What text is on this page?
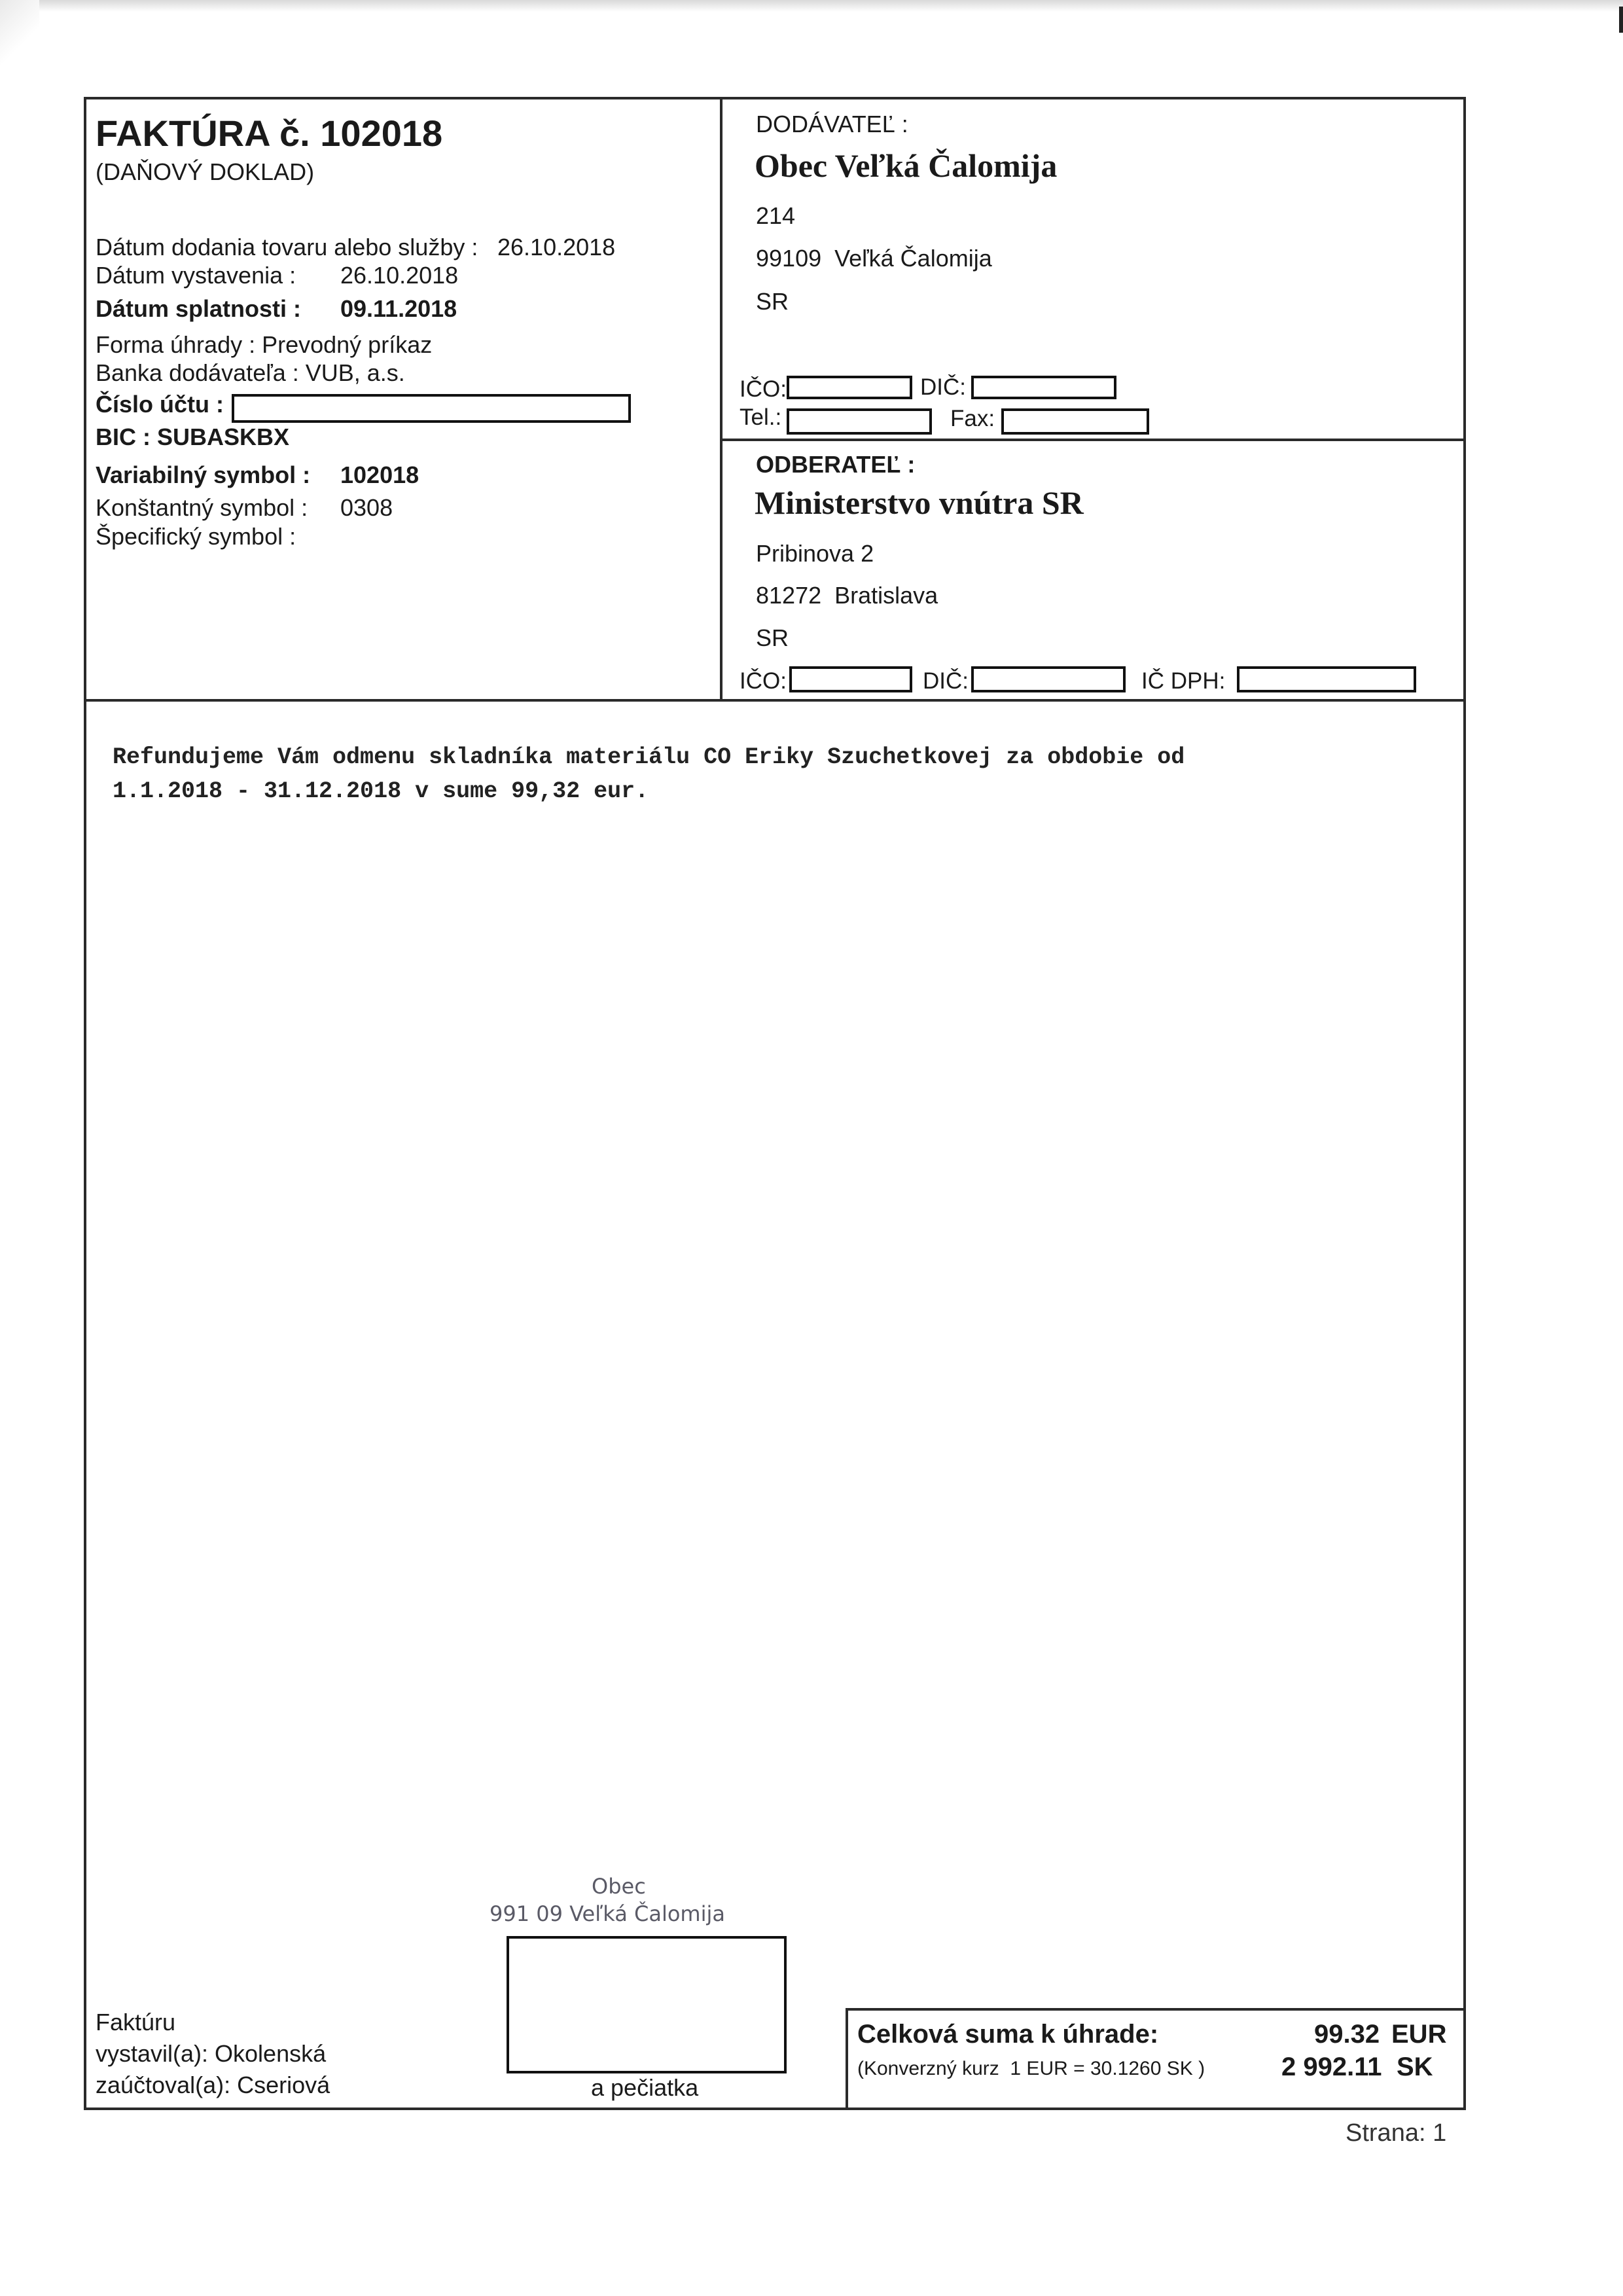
FAKTÚRA č. 102018
(DAŇOVÝ DOKLAD)
Dátum dodania tovaru alebo služby : 26.10.2018
Dátum vystavenia : 26.10.2018
Dátum splatnosti : 09.11.2018
Forma úhrady : Prevodný príkaz
Banka dodávateľa : VUB, a.s.
Číslo účtu :
BIC : SUBASKBX
Variabilný symbol : 102018
Konštantný symbol : 0308
Špecifický symbol :
DODÁVATEĽ :
Obec Veľká Čalomija
214
99109  Veľká Čalomija
SR
IČO:	DIČ:
Tel.:	Fax:
ODBERATEĽ :
Ministerstvo vnútra SR
Pribinova 2
81272  Bratislava
SR
IČO:	DIČ:	IČ DPH:
Refundujeme Vám odmenu skladníka materiálu CO Eriky Szuchetkovej za obdobie od
1.1.2018 - 31.12.2018 v sume 99,32 eur.
Obec
991 09 Veľká Čalomija
a pečiatka
Faktúru
vystavil(a): Okolenská
zaúčtoval(a): Cseriová
Celková suma k úhrade:
(Konverzný kurz  1 EUR = 30.1260 SK )
99.32 EUR
2 992.11 SK
Strana: 1
